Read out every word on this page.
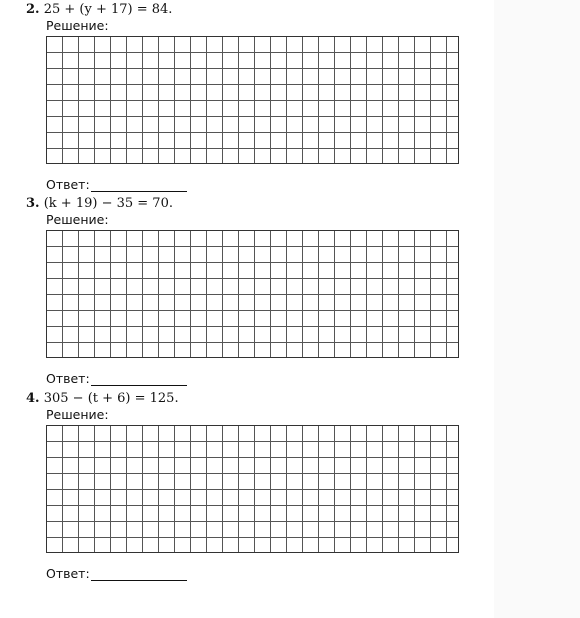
2. 25 + (y + 17) = 84.
Решение:
Ответ:
3. (k + 19) − 35 = 70.
Решение:
Ответ:
4. 305 − (t + 6) = 125.
Решение:
Ответ:
